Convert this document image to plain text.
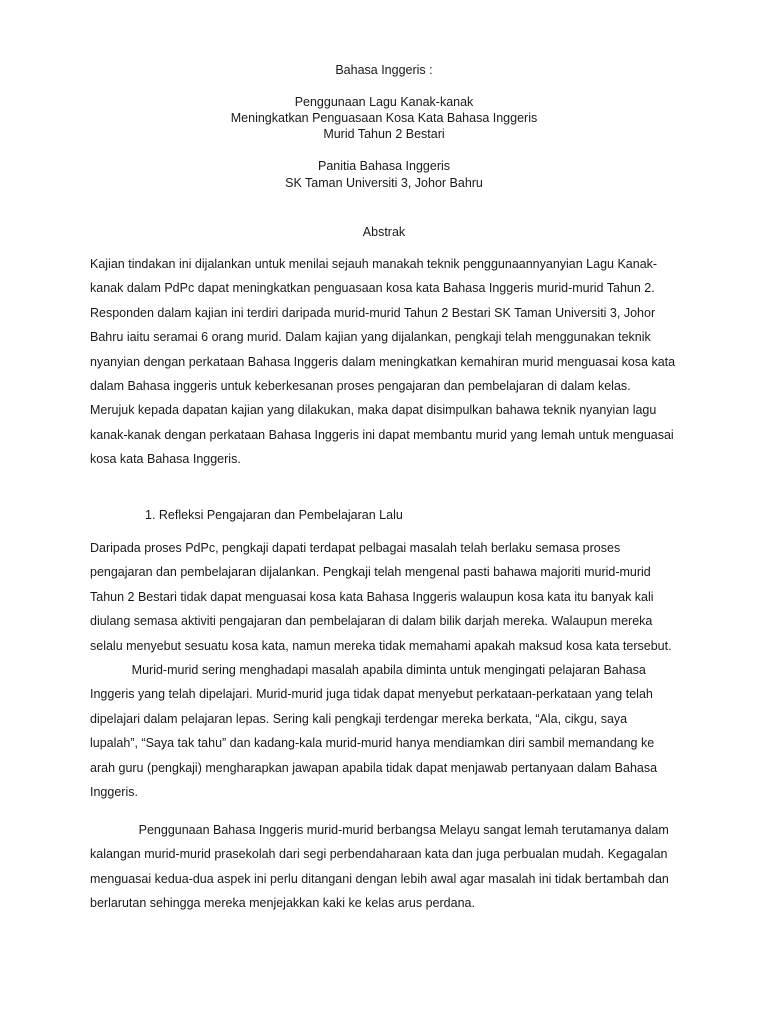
Bahasa Inggeris :
Penggunaan Lagu Kanak-kanak
Meningkatkan Penguasaan Kosa Kata Bahasa Inggeris
Murid Tahun 2 Bestari
Panitia Bahasa Inggeris
SK Taman Universiti 3, Johor Bahru
Abstrak
Kajian tindakan ini dijalankan untuk menilai sejauh manakah teknik penggunaannyanyian Lagu Kanak-
kanak dalam PdPc dapat meningkatkan penguasaan kosa kata Bahasa Inggeris murid-murid Tahun 2.
Responden dalam kajian ini terdiri daripada murid-murid Tahun 2 Bestari SK Taman Universiti 3, Johor
Bahru iaitu seramai 6 orang murid. Dalam kajian yang dijalankan, pengkaji telah menggunakan teknik
nyanyian dengan perkataan Bahasa Inggeris dalam meningkatkan kemahiran murid menguasai kosa kata
dalam Bahasa inggeris untuk keberkesanan proses pengajaran dan pembelajaran di dalam kelas.
Merujuk kepada dapatan kajian yang dilakukan, maka dapat disimpulkan bahawa teknik nyanyian lagu
kanak-kanak dengan perkataan Bahasa Inggeris ini dapat membantu murid yang lemah untuk menguasai
kosa kata Bahasa Inggeris.
1. Refleksi Pengajaran dan Pembelajaran Lalu
Daripada proses PdPc, pengkaji dapati terdapat pelbagai masalah telah berlaku semasa proses
pengajaran dan pembelajaran dijalankan. Pengkaji telah mengenal pasti bahawa majoriti murid-murid
Tahun 2 Bestari tidak dapat menguasai kosa kata Bahasa Inggeris walaupun kosa kata itu banyak kali
diulang semasa aktiviti pengajaran dan pembelajaran di dalam bilik darjah mereka. Walaupun mereka
selalu menyebut sesuatu kosa kata, namun mereka tidak memahami apakah maksud kosa kata tersebut.
Murid-murid sering menghadapi masalah apabila diminta untuk mengingati pelajaran Bahasa
Inggeris yang telah dipelajari. Murid-murid juga tidak dapat menyebut perkataan-perkataan yang telah
dipelajari dalam pelajaran lepas. Sering kali pengkaji terdengar mereka berkata, “Ala, cikgu, saya
lupalah”, “Saya tak tahu” dan kadang-kala murid-murid hanya mendiamkan diri sambil memandang ke
arah guru (pengkaji) mengharapkan jawapan apabila tidak dapat menjawab pertanyaan dalam Bahasa
Inggeris.
Penggunaan Bahasa Inggeris murid-murid berbangsa Melayu sangat lemah terutamanya dalam
kalangan murid-murid prasekolah dari segi perbendaharaan kata dan juga perbualan mudah. Kegagalan
menguasai kedua-dua aspek ini perlu ditangani dengan lebih awal agar masalah ini tidak bertambah dan
berlarutan sehingga mereka menjejakkan kaki ke kelas arus perdana.
